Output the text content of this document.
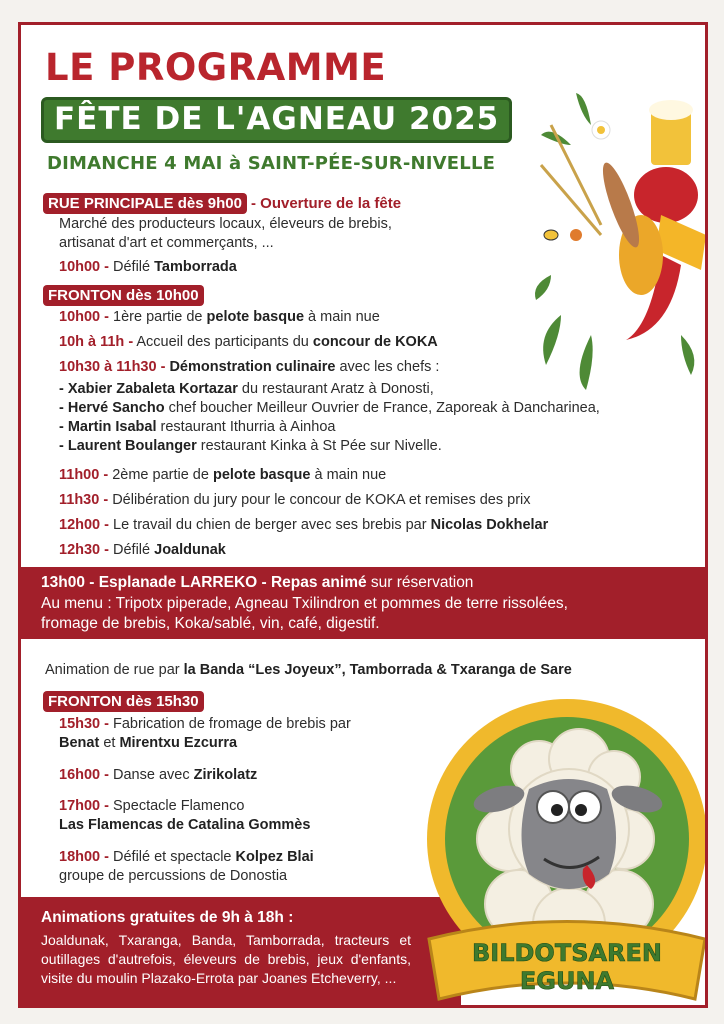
LE PROGRAMME
FÊTE DE L'AGNEAU 2025
DIMANCHE 4 MAI à SAINT-PÉE-SUR-NIVELLE
RUE PRINCIPALE dès 9h00 - Ouverture de la fête
Marché des producteurs locaux, éleveurs de brebis,
artisanat d'art et commerçants, ...
10h00 - Défilé Tamborrada
FRONTON dès 10h00
10h00 - 1ère partie de pelote basque à main nue
10h à 11h - Accueil des participants du concour de KOKA
10h30 à 11h30 - Démonstration culinaire avec les chefs :
- Xabier Zabaleta Kortazar du restaurant Aratz à Donosti,
- Hervé Sancho chef boucher Meilleur Ouvrier de France, Zaporeak à Dancharinea,
- Martin Isabal restaurant Ithurria à Ainhoa
- Laurent Boulanger restaurant Kinka à St Pée sur Nivelle.
11h00 - 2ème partie de pelote basque à main nue
11h30 - Délibération du jury pour le concour de KOKA et remises des prix
12h00 - Le travail du chien de berger avec ses brebis par Nicolas Dokhelar
12h30 - Défilé Joaldunak
13h00 - Esplanade LARREKO - Repas animé sur réservation
Au menu : Tripotx piperade, Agneau Txilindron et pommes de terre rissolées,
fromage de brebis, Koka/sablé, vin, café, digestif.
Animation de rue par la Banda “Les Joyeux”, Tamborrada & Txaranga de Sare
FRONTON dès 15h30
15h30 - Fabrication de fromage de brebis par
Benat et Mirentxu Ezcurra
16h00 - Danse avec Zirikolatz
17h00 - Spectacle Flamenco
Las Flamencas de Catalina Gommès
18h00 - Défilé et spectacle Kolpez Blai
groupe de percussions de Donostia
Animations gratuites de 9h à 18h :
Joaldunak, Txaranga, Banda, Tamborrada, tracteurs et outillages d'autrefois, éleveurs de brebis, jeux d'enfants, visite du moulin Plazako-Errota par Joanes Etcheverry, ...
BILDOTSAREN
EGUNA
